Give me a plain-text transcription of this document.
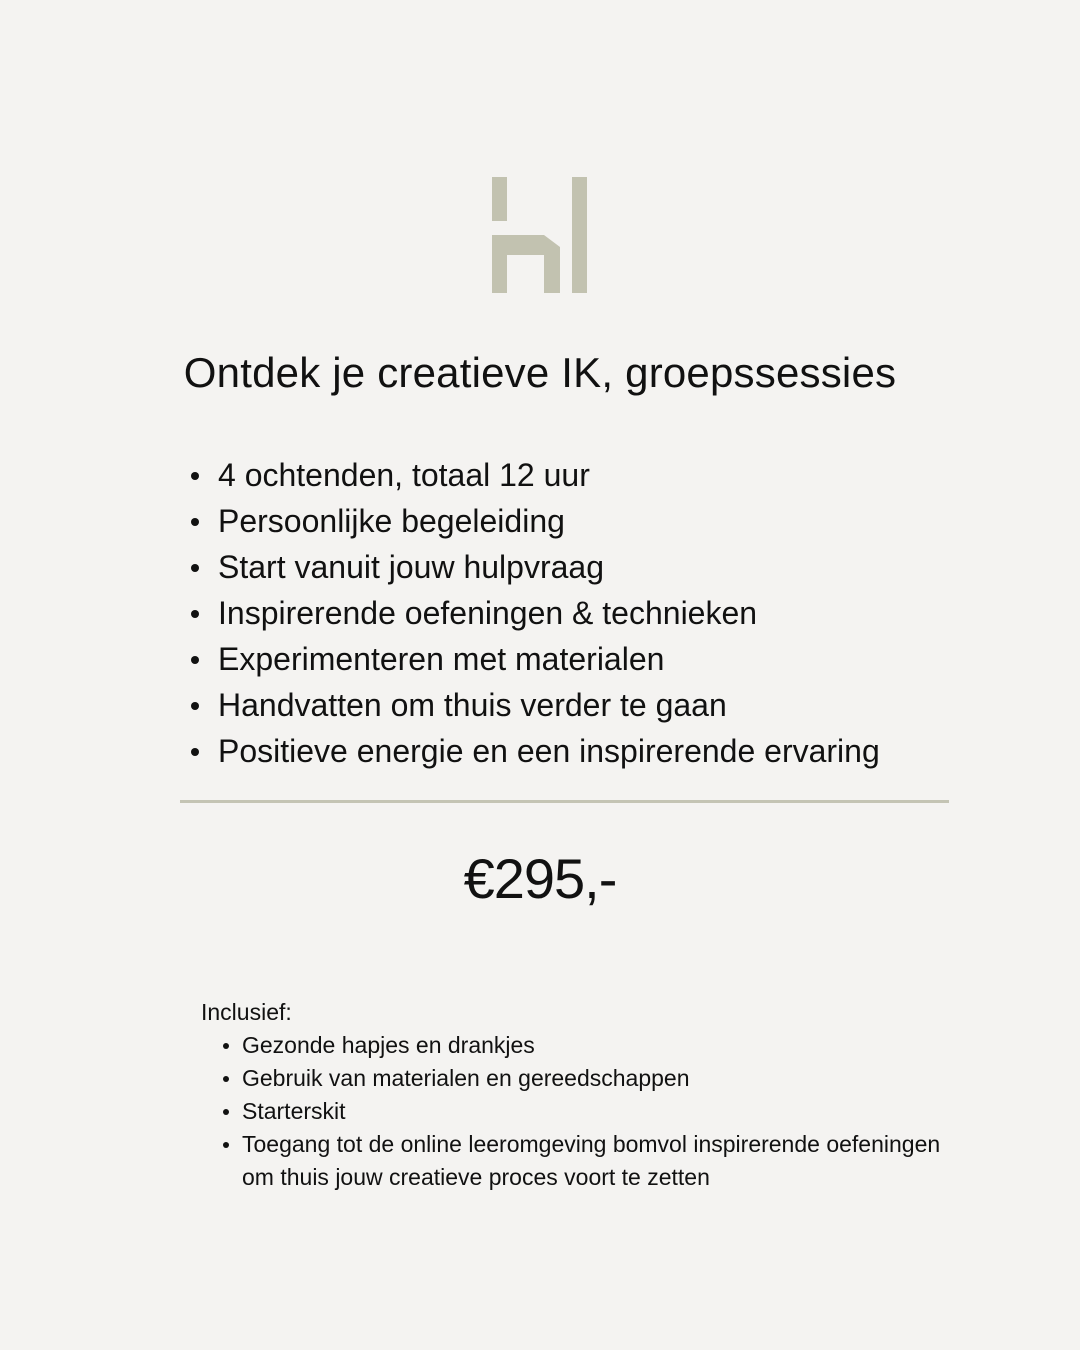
Ontdek je creatieve IK, groepssessies
4 ochtenden, totaal 12 uur
Persoonlijke begeleiding
Start vanuit jouw hulpvraag
Inspirerende oefeningen & technieken
Experimenteren met materialen
Handvatten om thuis verder te gaan
Positieve energie en een inspirerende ervaring
€295,-
Inclusief:
Gezonde hapjes en drankjes
Gebruik van materialen en gereedschappen
Starterskit
Toegang tot de online leeromgeving bomvol inspirerende oefeningen om thuis jouw creatieve proces voort te zetten
